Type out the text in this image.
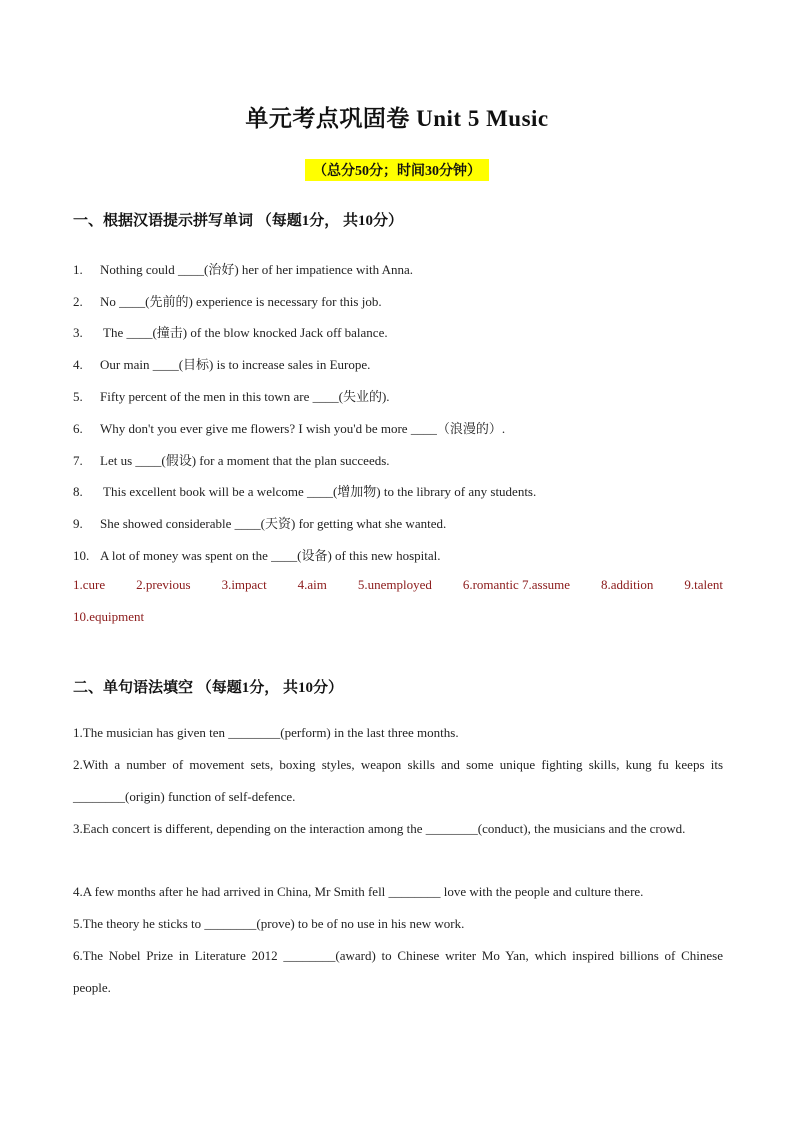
单元考点巩固卷 Unit 5 Music
（总分50分；时间30分钟）
一、根据汉语提示拼写单词 （每题1分， 共10分）
1. Nothing could ____(治好) her of her impatience with Anna.
2. No ____(先前的) experience is necessary for this job.
3. The ____(撞击) of the blow knocked Jack off balance.
4. Our main ____(目标) is to increase sales in Europe.
5. Fifty percent of the men in this town are ____(失业的).
6. Why don't you ever give me flowers? I wish you'd be more ____（浪漫的）.
7. Let us ____(假设) for a moment that the plan succeeds.
8. This excellent book will be a welcome ____(增加物) to the library of any students.
9. She showed considerable ____(天资) for getting what she wanted.
10. A lot of money was spent on the ____(设备) of this new hospital.
1.cure 2.previous 3.impact 4.aim 5.unemployed 6.romantic 7.assume 8.addition 9.talent
10.equipment
二、单句语法填空 （每题1分， 共10分）
1.The musician has given ten ________(perform) in the last three months.
2.With a number of movement sets, boxing styles, weapon skills and some unique fighting skills, kung fu keeps its ________(origin) function of self-defence.
3.Each concert is different, depending on the interaction among the ________(conduct), the musicians and the crowd.
4.A few months after he had arrived in China, Mr Smith fell ________ love with the people and culture there.
5.The theory he sticks to ________(prove) to be of no use in his new work.
6.The Nobel Prize in Literature 2012 ________(award) to Chinese writer Mo Yan, which inspired billions of Chinese people.
